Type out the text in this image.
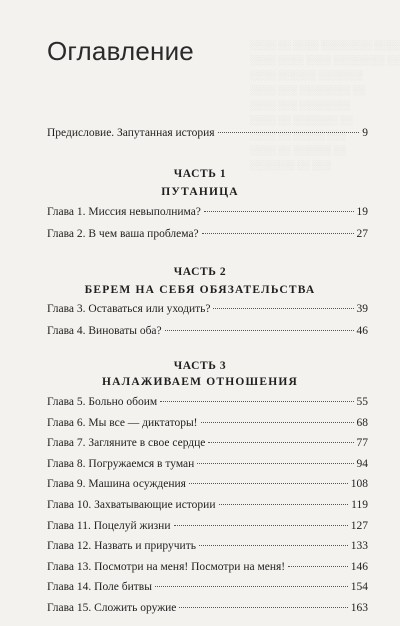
░░░░ ░░ ░░░░ ░░░░░░░░ ░░░░
░░░░ ░░░░ ░░░░ ░░░░░░░░ ░░
░░░░ ░░░░░░ ░░░░░░░
░░░░ ░░░ ░░░░░░░░ ░░
░░░░ ░░░ ░░░░░░░░
░░░░ ░░ ░░░░░░░ ░░
░░░░ ░░ ░░░░░ ░░░
░░░░ ░░ ░░░░░░ ░░
░░░░░░░ ░░ ░░░
Оглавление
Предисловие. Запутанная история	9
ЧАСТЬ 1
ПУТАНИЦА
Глава 1. Миссия невыполнима?	19
Глава 2. В чем ваша проблема?	27
ЧАСТЬ 2
БЕРЕМ НА СЕБЯ ОБЯЗАТЕЛЬСТВА
Глава 3. Оставаться или уходить?	39
Глава 4. Виноваты оба?	46
ЧАСТЬ 3
НАЛАЖИВАЕМ ОТНОШЕНИЯ
Глава 5. Больно обоим	55
Глава 6. Мы все — диктаторы!	68
Глава 7. Загляните в свое сердце	77
Глава 8. Погружаемся в туман	94
Глава 9. Машина осуждения	108
Глава 10. Захватывающие истории	119
Глава 11. Поцелуй жизни	127
Глава 12. Назвать и приручить	133
Глава 13. Посмотри на меня! Посмотри на меня!	146
Глава 14. Поле битвы	154
Глава 15. Сложить оружие	163
